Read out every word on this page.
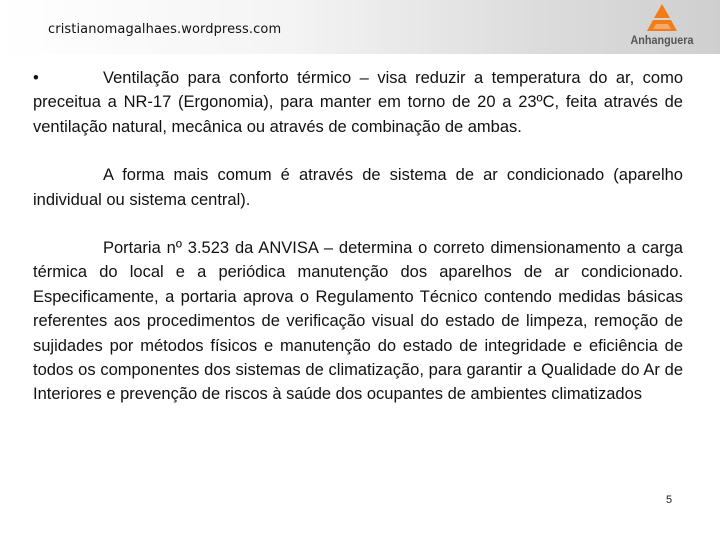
cristianomagalhaes.wordpress.com
Anhanguera

•	Ventilação para conforto térmico – visa reduzir a temperatura do ar, como preceitua a NR-17 (Ergonomia), para manter em torno de 20 a 23ºC, feita através de ventilação natural, mecânica ou através de combinação de ambas.

A forma mais comum é através de sistema de ar condicionado (aparelho individual ou sistema central).

Portaria nº 3.523 da ANVISA – determina o correto dimensionamento a carga térmica do local e a periódica manutenção dos aparelhos de ar condicionado. Especificamente, a portaria aprova o Regulamento Técnico contendo medidas básicas referentes aos procedimentos de verificação visual do estado de limpeza, remoção de sujidades por métodos físicos e manutenção do estado de integridade e eficiência de todos os componentes dos sistemas de climatização, para garantir a Qualidade do Ar de Interiores e prevenção de riscos à saúde dos ocupantes de ambientes climatizados

5
